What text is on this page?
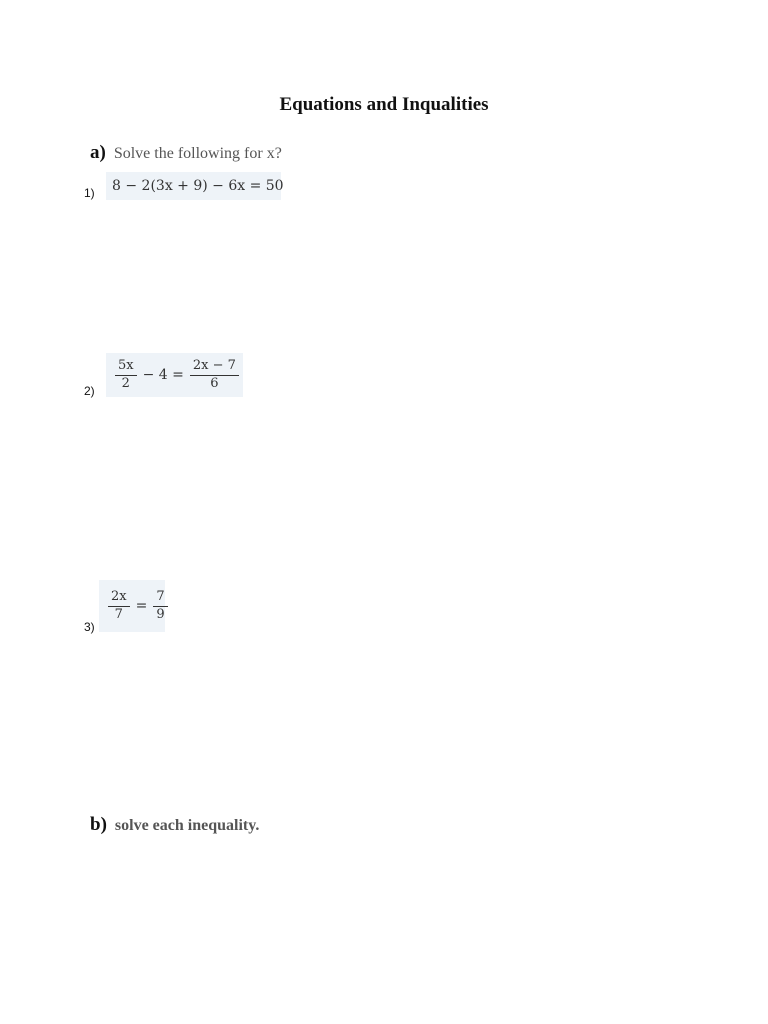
Equations and Inqualities
a) Solve the following for x?
1) 8 − 2(3x + 9) − 6x = 50
$2) \frac{5x}{2} - 4 = \frac{2x - 7}{6}$
3)
$\frac{2x}{7} = \frac{7}{9}$
b) solve each inequality.
